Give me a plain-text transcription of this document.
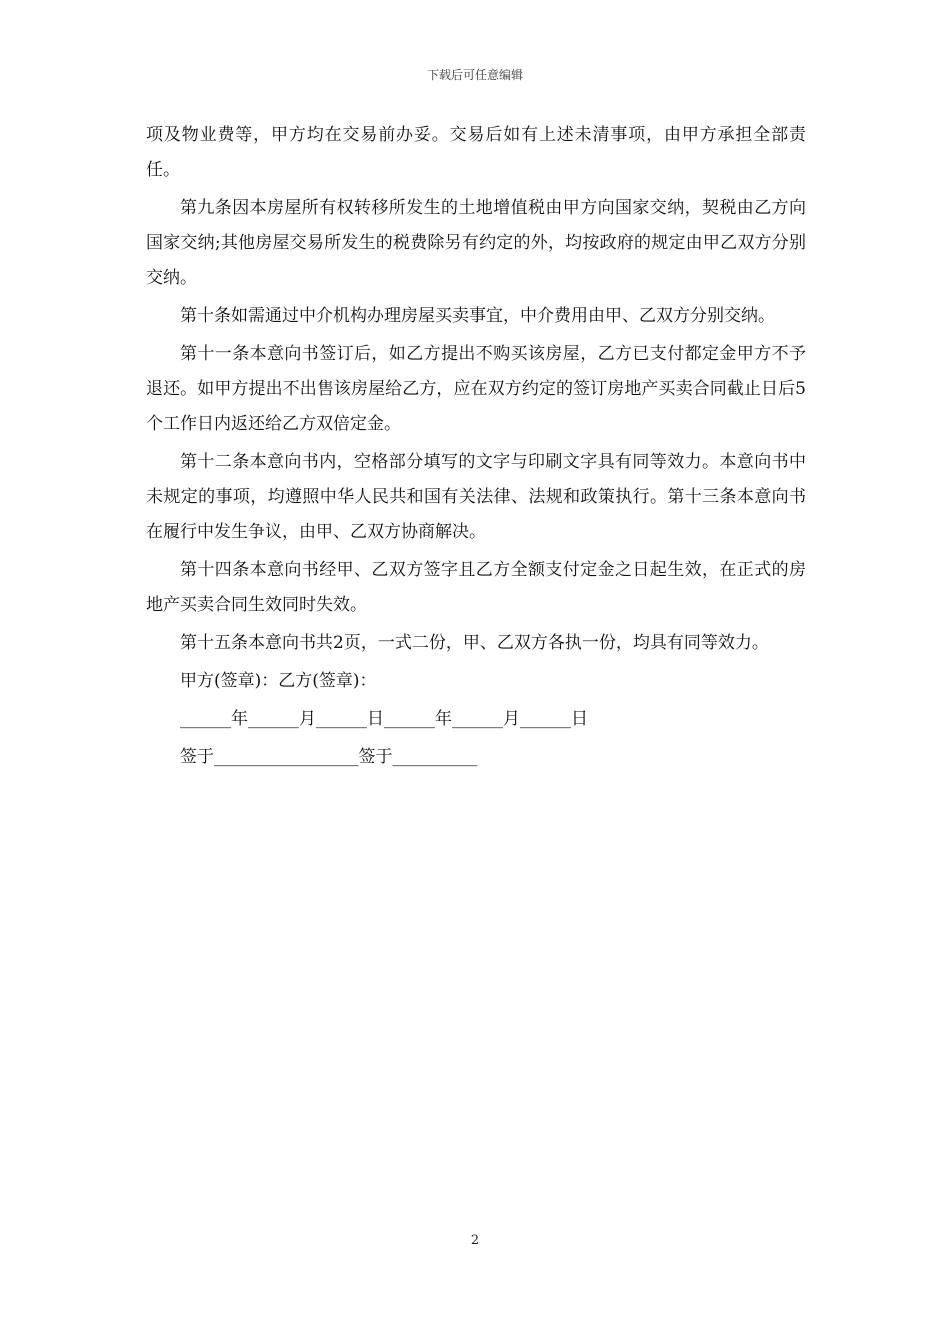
下载后可任意编辑

项及物业费等，甲方均在交易前办妥。交易后如有上述未清事项，由甲方承担全部责任。

第九条因本房屋所有权转移所发生的土地增值税由甲方向国家交纳，契税由乙方向国家交纳;其他房屋交易所发生的税费除另有约定的外，均按政府的规定由甲乙双方分别交纳。

第十条如需通过中介机构办理房屋买卖事宜，中介费用由甲、乙双方分别交纳。

第十一条本意向书签订后，如乙方提出不购买该房屋，乙方已支付都定金甲方不予退还。如甲方提出不出售该房屋给乙方，应在双方约定的签订房地产买卖合同截止日后5个工作日内返还给乙方双倍定金。

第十二条本意向书内，空格部分填写的文字与印刷文字具有同等效力。本意向书中未规定的事项，均遵照中华人民共和国有关法律、法规和政策执行。第十三条本意向书在履行中发生争议，由甲、乙双方协商解决。

第十四条本意向书经甲、乙双方签字且乙方全额支付定金之日起生效，在正式的房地产买卖合同生效同时失效。

第十五条本意向书共2页，一式二份，甲、乙双方各执一份，均具有同等效力。

甲方(签章)：乙方(签章)：

______年______月______日______年______月______日

签于_________________签于__________

2
